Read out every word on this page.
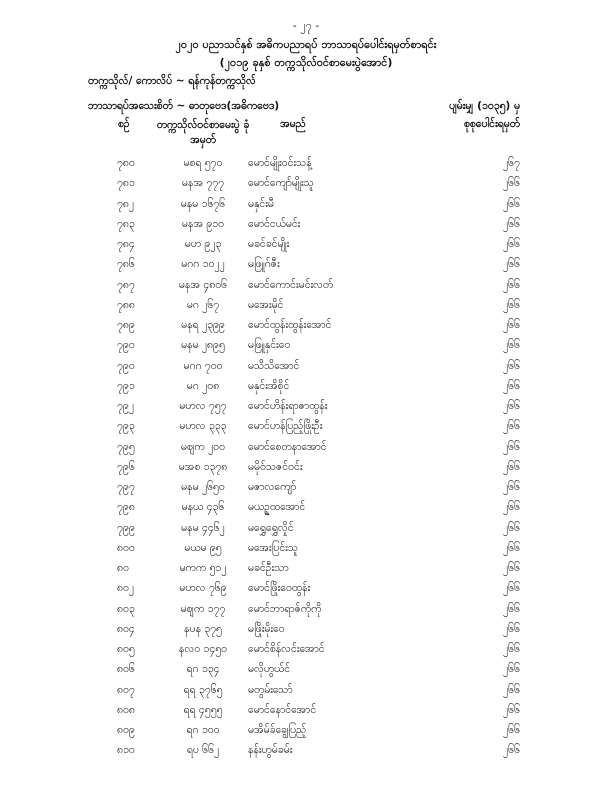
- ၂၇ -
၂၀၂၀ ပညာသင်နှစ် အဓိကပညာရပ် ဘာသာရပ်ပေါင်းရမှတ်စာရင်း
(၂၀၁၉ ခုနှစ် တက္ကသိုလ်ဝင်စာမေးပွဲအောင်)
တက္ကသိုလ်/ ကောလိပ် ~ ရန်ကုန်တက္ကသိုလ်
ဘာသာရပ်အသေးစိတ် ~ ဓာတုဗေဒ(အဓိကဗေဒ)	ပျမ်းမျှ (၁၀၃၅) မှ
စဉ်	တက္ကသိုလ်ဝင်စာမေးပွဲ ခုံအမှတ်
အမည်	စုစုပေါင်းရမှတ်
၇၈၀	မစရ ၅၇၀	မောင်မျိုးဝင်းသန့်	၂၆၇
၇၈၁	မနအ ၇၇၇	မောင်ကျော်မျိုးသူ	၂၆၆
၇၈၂	မနမ ၁၆၇၆	မနှင်းမီ	၂၆၆
၇၈၃	မနအ ၉၁၀	မောင်ငယ်မင်း	၂၆၆
၇၈၄	မဟ ၉၂၃	မခင်ခင်မျိုး	၂၆၆
၇၈၆	မဂဂ ၁၀၂၂	မဖြူဂ်ဇီး	၂၆၆
၇၈၇	မနအ ၄၈၀၆	မောင်ကောင်းမင်းလတ်	၂၆၆
၇၈၈	မဂ ၂၆၇	မအေးမိုင်	၂၆၆
၇၈၉	မနရ ၂၃၉၉	မောင်ထွန်းထွန်းအောင်	၂၆၆
၇၉၀	မနမ ၂၈၉၅	မဖြူနှင်းဝေ	၂၆၆
၇၉၀	မဂဂ ၇၀၀	မသိသိအောင်	၂၆၆
၇၉၁	မဂ ၂၀၈	မနှင်းအိစိုင်	၂၆၆
၇၉၂	မဟလ ၇၅၇	မောင်ဟိန်းရာဇာထွန်း	၂၆၆
၇၉၃	မဟလ ၃၃၃	မောင်ဟန်ပြည့်ဖြိုးဦး	၂၆၆
၇၉၅	မဈက ၂၀၀	မောင်စေတနာအောင်	၂၆၆
၇၉၆	မအစ ၁၃၇၈	မမိုဝ်သဇင်ဝင်း	၂၆၆
၇၉၇	မနမ ၂၆၅၀	မဇာလကျော်	၂၆၆
၇၉၈	မနယ ၄၃၆	မယဉ္နထအောင်	၂၆၆
၇၉၉	မနမ ၄၄၆၂	မရွှေရွှေလှိုင်	၂၆၆
၈၀၀	မယမ ၉၅	မအေးပြင်းသူ	၂၆၆
၈၀	မကက ၅၁၂	မခင်ဦးသာ	၂၆၆
၈၀၂	မဟလ ၇၆၉	မောင်ဖြိုးဝေထွန်း	၂၆၆
၈၀၃	မဈက ၁၇၇	မောင်ဘာရာဇ်ကိုကို	၂၆၆
၈၀၄	နပန ၃၇၅	မဖြိုးမိုးဝေ	၂၆၆
၈၀၅	နလဝ ၁၄၅၀	မောင်စိန်လင်းအောင်	၂၆၆
၈၀၆	ရဂ ၁၃၄	မလိုဟွယ်င်	၂၆၆
၈၀၇	ရရ ၃၇၆၅	မတွမ်းသော်	၂၆၆
၈၀၈	ရရ ၄၅၅၅	မောင်နောင်အောင်	၂၆၆
၈၀၉	ရဂ ၁၀၀	မအိမ်ခ်ချွေပြည့်	၂၆၆
၈၁၀	ရပ ၆၆၂	နန်းဟွမ်ခမ်း	၂၆၆
